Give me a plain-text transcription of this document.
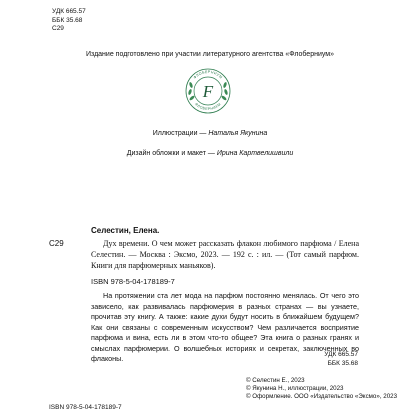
УДК 665.57
ББК 35.68
С29
Издание подготовлено при участии литературного агентства «Флоберниум»
ФЛОБЕРНИУМ
ФЛОБЕРНИУМ
F
Иллюстрации — Наталья Якунина
Дизайн обложки и макет — Ирина Картвелишвили
Селестин, Елена.
С29	Дух времени. О чем может рассказать флакон любимого парфюма / Елена Селестин. — Москва : Эксмо, 2023. — 192 с. : ил. — (Тот самый парфюм. Книги для парфюмерных маньяков).

ISBN 978-5-04-178189-7

На протяжении ста лет мода на парфюм постоянно менялась. От чего это зависело, как развивалась парфюмерия в разных странах — вы узнаете, прочитав эту книгу. А также: какие духи будут носить в ближайшем будущем? Как они связаны с современным искусством? Чем различается восприятие парфюма и вина, есть ли в этом что-то общее? Эта книга о разных гранях и смыслах парфюмерии. О волшебных историях и секретах, заключенных во флаконы.	УДК 665.57
ББК 35.68
© Селестин Е., 2023
© Якунина Н., иллюстрации, 2023
© Оформление. ООО «Издательство «Эксмо», 2023
ISBN 978-5-04-178189-7
